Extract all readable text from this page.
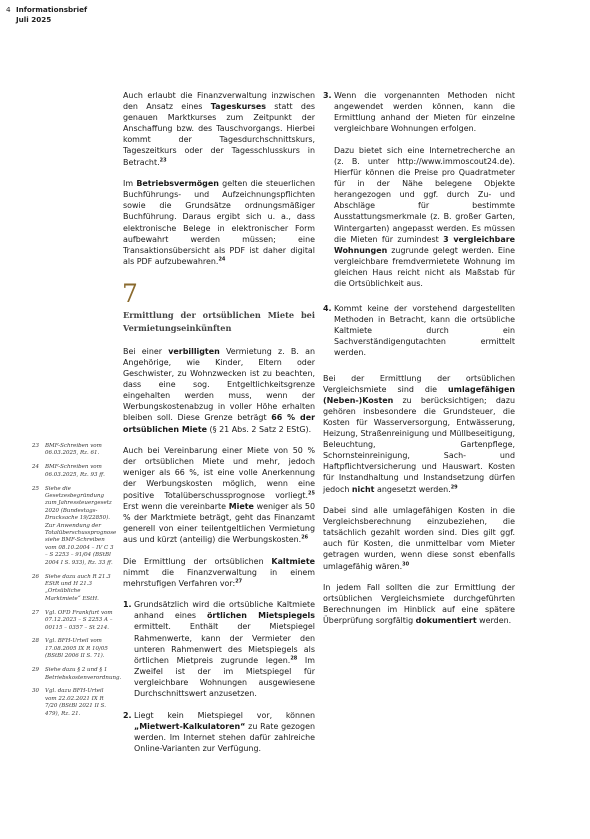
4 Informationsbrief
Juli 2025
23 BMF-Schreiben vom 06.03.2025, Rz. 61.
24 BMF-Schreiben vom 06.03.2025, Rz. 93 ff.
25 Siehe die Gesetzesbegründung zum Jahressteuergesetz 2020 (Bundestags-Drucksache 19/22850). Zur Anwendung der Totalüberschussprognose siehe BMF-Schreiben vom 08.10.2004 – IV C 3 – S 2253 – 91/04 (BStBl 2004 I S. 933), Rz. 33 ff.
26 Siehe dazu auch R 21.3 EStR und H 21.3 „Ortsübliche Marktmiete“ EStH.
27 Vgl. OFD Frankfurt vom 07.12.2023 – S 2253 A – 00115 – 0357 – St 214.
28 Vgl. BFH-Urteil vom 17.08.2005 IX R 10/05 (BStBl 2006 II S. 71).
29 Siehe dazu § 2 und § 1 Betriebskostenverordnung.
30 Vgl. dazu BFH-Urteil vom 22.02.2021 IX R 7/20 (BStBl 2021 II S. 479), Rz. 21.

Auch erlaubt die Finanzverwaltung inzwischen den Ansatz eines Tageskurses statt des genauen Marktkurses zum Zeitpunkt der Anschaffung bzw. des Tauschvorgangs. Hierbei kommt der Tagesdurchschnittskurs, Tageszeitkurs oder der Tagesschlusskurs in Betracht.$^{23}$

Im Betriebsvermögen gelten die steuerlichen Buchführungs- und Aufzeichnungspflichten sowie die Grundsätze ordnungsmäßiger Buchführung. Daraus ergibt sich u. a., dass elektronische Belege in elektronischer Form aufbewahrt werden müssen; eine Transaktionsübersicht als PDF ist daher digital als PDF aufzubewahren.$^{24}$

7
Ermittlung der ortsüblichen Miete bei Vermietungseinkünften

Bei einer verbilligten Vermietung z. B. an Angehörige, wie Kinder, Eltern oder Geschwister, zu Wohnzwecken ist zu beachten, dass eine sog. Entgeltlichkeitsgrenze eingehalten werden muss, wenn der Werbungskostenabzug in voller Höhe erhalten bleiben soll. Diese Grenze beträgt 66 % der ortsüblichen Miete (§ 21 Abs. 2 Satz 2 EStG).

Auch bei Vereinbarung einer Miete von 50 % der ortsüblichen Miete und mehr, jedoch weniger als 66 %, ist eine volle Anerkennung der Werbungskosten möglich, wenn eine positive Totalüberschussprognose vorliegt.$^{25}$ Erst wenn die vereinbarte Miete weniger als 50 % der Marktmiete beträgt, geht das Finanzamt generell von einer teilentgeltlichen Vermietung aus und kürzt (anteilig) die Werbungskosten.$^{26}$

Die Ermittlung der ortsüblichen Kaltmiete nimmt die Finanzverwaltung in einem mehrstufigen Verfahren vor:$^{27}$

1. Grundsätzlich wird die ortsübliche Kaltmiete anhand eines örtlichen Mietspiegels ermittelt. Enthält der Mietspiegel Rahmenwerte, kann der Vermieter den unteren Rahmenwert des Mietspiegels als örtlichen Mietpreis zugrunde legen.$^{28}$ Im Zweifel ist der im Mietspiegel für vergleichbare Wohnungen ausgewiesene Durchschnittswert anzusetzen.
2. Liegt kein Mietspiegel vor, können „Mietwert-Kalkulatoren“ zu Rate gezogen werden. Im Internet stehen dafür zahlreiche Online-Varianten zur Verfügung.
3. Wenn die vorgenannten Methoden nicht angewendet werden können, kann die Ermittlung anhand der Mieten für einzelne vergleichbare Wohnungen erfolgen.
Dazu bietet sich eine Internetrecherche an (z. B. unter http://www.immoscout24.de). Hierfür können die Preise pro Quadratmeter für in der Nähe belegene Objekte herangezogen und ggf. durch Zu- und Abschläge für bestimmte Ausstattungsmerkmale (z. B. großer Garten, Wintergarten) angepasst werden. Es müssen die Mieten für zumindest 3 vergleichbare Wohnungen zugrunde gelegt werden. Eine vergleichbare fremdvermietete Wohnung im gleichen Haus reicht nicht als Maßstab für die Ortsüblichkeit aus.
4. Kommt keine der vorstehend dargestellten Methoden in Betracht, kann die ortsübliche Kaltmiete durch ein Sachverständigengutachten ermittelt werden.

Bei der Ermittlung der ortsüblichen Vergleichsmiete sind die umlagefähigen (Neben-)Kosten zu berücksichtigen; dazu gehören insbesondere die Grundsteuer, die Kosten für Wasserversorgung, Entwässerung, Heizung, Straßenreinigung und Müllbeseitigung, Beleuchtung, Gartenpflege, Schornsteinreinigung, Sach- und Haftpflichtversicherung und Hauswart. Kosten für Instandhaltung und Instandsetzung dürfen jedoch nicht angesetzt werden.$^{29}$

Dabei sind alle umlagefähigen Kosten in die Vergleichsberechnung einzubeziehen, die tatsächlich gezahlt worden sind. Dies gilt ggf. auch für Kosten, die unmittelbar vom Mieter getragen wurden, wenn diese sonst ebenfalls umlagefähig wären.$^{30}$

In jedem Fall sollten die zur Ermittlung der ortsüblichen Vergleichsmiete durchgeführten Berechnungen im Hinblick auf eine spätere Überprüfung sorgfältig dokumentiert werden.
